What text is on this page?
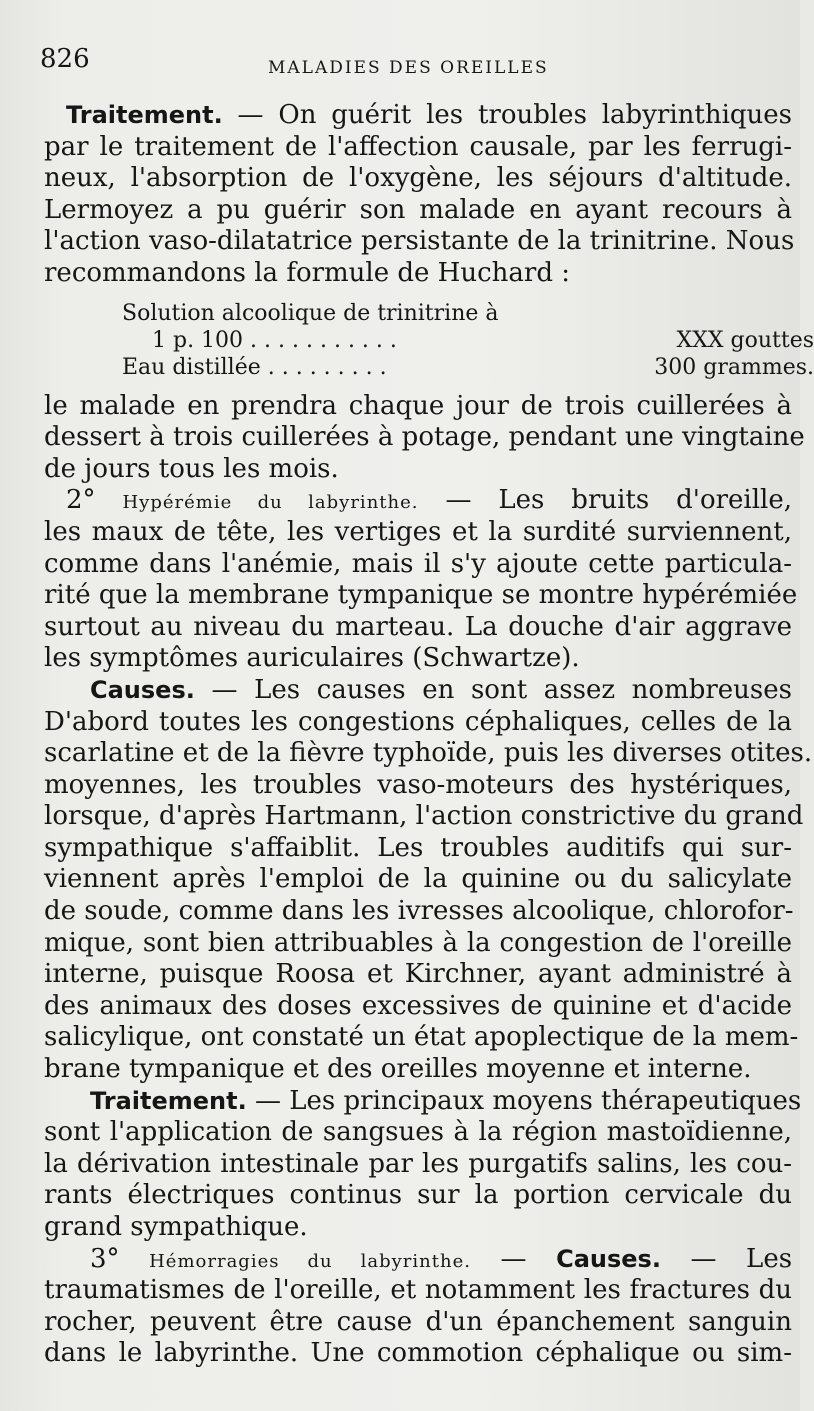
826	MALADIES DES OREILLES
Traitement. — On guérit les troubles labyrinthiques
par le traitement de l'affection causale, par les ferrugi-
neux, l'absorption de l'oxygène, les séjours d'altitude.
Lermoyez a pu guérir son malade en ayant recours à
l'action vaso-dilatatrice persistante de la trinitrine. Nous
recommandons la formule de Huchard :
Solution alcoolique de trinitrine à
1 p. 100 . . . . . . . . . . .	XXX gouttes
Eau distillée . . . . . . . . .	300 grammes.
le malade en prendra chaque jour de trois cuillerées à
dessert à trois cuillerées à potage, pendant une vingtaine
de jours tous les mois.
2° Hypérémie du labyrinthe. — Les bruits d'oreille,
les maux de tête, les vertiges et la surdité surviennent,
comme dans l'anémie, mais il s'y ajoute cette particula-
rité que la membrane tympanique se montre hypérémiée
surtout au niveau du marteau. La douche d'air aggrave
les symptômes auriculaires (Schwartze).
Causes. — Les causes en sont assez nombreuses
D'abord toutes les congestions céphaliques, celles de la
scarlatine et de la fièvre typhoïde, puis les diverses otites.
moyennes, les troubles vaso-moteurs des hystériques,
lorsque, d'après Hartmann, l'action constrictive du grand
sympathique s'affaiblit. Les troubles auditifs qui sur-
viennent après l'emploi de la quinine ou du salicylate
de soude, comme dans les ivresses alcoolique, chlorofor-
mique, sont bien attribuables à la congestion de l'oreille
interne, puisque Roosa et Kirchner, ayant administré à
des animaux des doses excessives de quinine et d'acide
salicylique, ont constaté un état apoplectique de la mem-
brane tympanique et des oreilles moyenne et interne.
Traitement. — Les principaux moyens thérapeutiques
sont l'application de sangsues à la région mastoïdienne,
la dérivation intestinale par les purgatifs salins, les cou-
rants électriques continus sur la portion cervicale du
grand sympathique.
3° Hémorragies du labyrinthe. — Causes. — Les
traumatismes de l'oreille, et notamment les fractures du
rocher, peuvent être cause d'un épanchement sanguin
dans le labyrinthe. Une commotion céphalique ou sim-
